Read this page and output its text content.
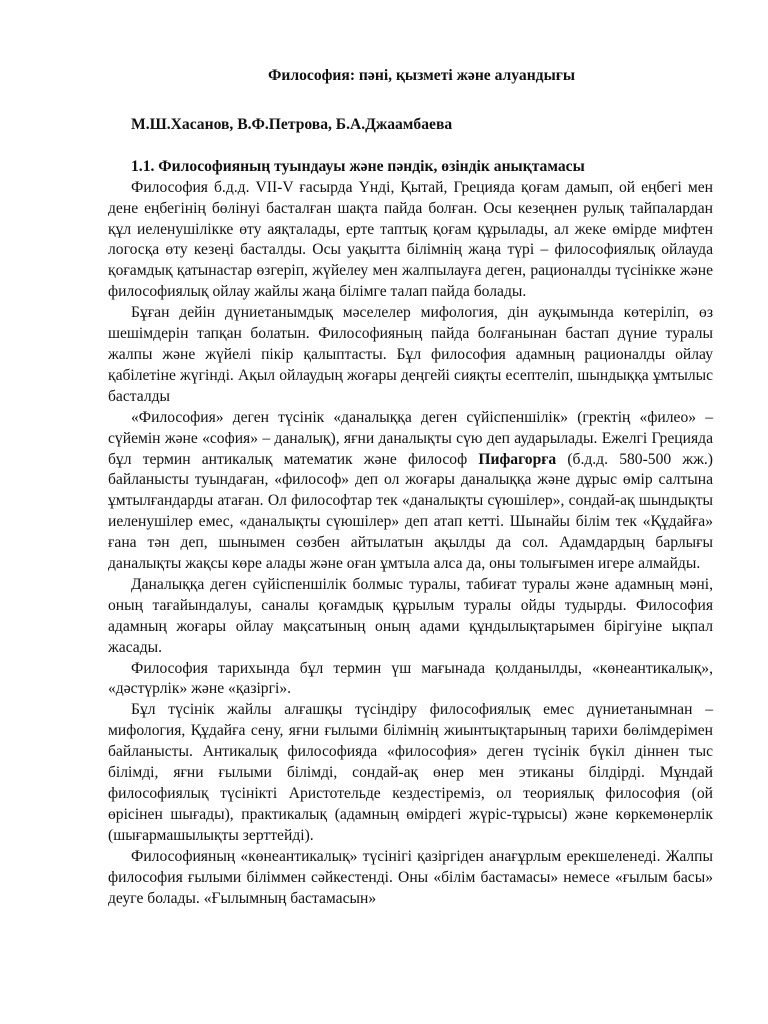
Философия: пәні, қызметі және алуандығы

М.Ш.Хасанов, В.Ф.Петрова, Б.А.Джаамбаева

1.1. Философияның туындауы және пәндік, өзіндік анықтамасы

Философия б.д.д. VII-V ғасырда Үнді, Қытай, Грецияда қоғам дамып, ой еңбегі мен дене еңбегінің бөлінуі басталған шақта пайда болған. Осы кезеңнен рулық тайпалардан құл иеленушілікке өту аяқталады, ерте таптық қоғам құрылады, ал жеке өмірде мифтен логосқа өту кезеңі басталды. Осы уақытта білімнің жаңа түрі – философиялық ойлауда қоғамдық қатынастар өзгеріп, жүйелеу мен жалпылауға деген, рационалды түсінікке және философиялық ойлау жайлы жаңа білімге талап пайда болады.

Бұған дейін дүниетанымдық мәселелер мифология, дін ауқымында көтеріліп, өз шешімдерін тапқан болатын. Философияның пайда болғанынан бастап дүние туралы жалпы және жүйелі пікір қалыптасты. Бұл философия адамның рационалды ойлау қабілетіне жүгінді. Ақыл ойлаудың жоғары деңгейі сияқты есептеліп, шындыққа ұмтылыс басталды

«Философия» деген түсінік «даналыққа деген сүйіспеншілік» (гректің «филео» – сүйемін және «софия» – даналық), яғни даналықты сүю деп аударылады. Ежелгі Грецияда бұл термин антикалық математик және философ Пифагорға (б.д.д. 580-500 жж.) байланысты туындаған, «философ» деп ол жоғары даналыққа және дұрыс өмір салтына ұмтылғандарды атаған. Ол философтар тек «даналықты сүюшілер», сондай-ақ шындықты иеленушілер емес, «даналықты сүюшілер» деп атап кетті. Шынайы білім тек «Құдайға» ғана тән деп, шынымен сөзбен айтылатын ақылды да сол. Адамдардың барлығы даналықты жақсы көре алады және оған ұмтыла алса да, оны толығымен игере алмайды.

Даналыққа деген сүйіспеншілік болмыс туралы, табиғат туралы және адамның мәні, оның тағайындалуы, саналы қоғамдық құрылым туралы ойды тудырды. Философия адамның жоғары ойлау мақсатының оның адами құндылықтарымен бірігуіне ықпал жасады.

Философия тарихында бұл термин үш мағынада қолданылды, «көнеантикалық», «дәстүрлік» және «қазіргі».

Бұл түсінік жайлы алғашқы түсіндіру философиялық емес дүниетанымнан – мифология, Құдайға сену, яғни ғылыми білімнің жиынтықтарының тарихи бөлімдерімен байланысты. Антикалық философияда «философия» деген түсінік бүкіл діннен тыс білімді, яғни ғылыми білімді, сондай-ақ өнер мен этиканы білдірді. Мұндай философиялық түсінікті Аристотельде кездестіреміз, ол теориялық философия (ой өрісінен шығады), практикалық (адамның өмірдегі жүріс-тұрысы) және көркемөнерлік (шығармашылықты зерттейді).

Философияның «көнеантикалық» түсінігі қазіргіден анағұрлым ерекшеленеді. Жалпы философия ғылыми біліммен сәйкестенді. Оны «білім бастамасы» немесе «ғылым басы» деуге болады. «Ғылымның бастамасын»
